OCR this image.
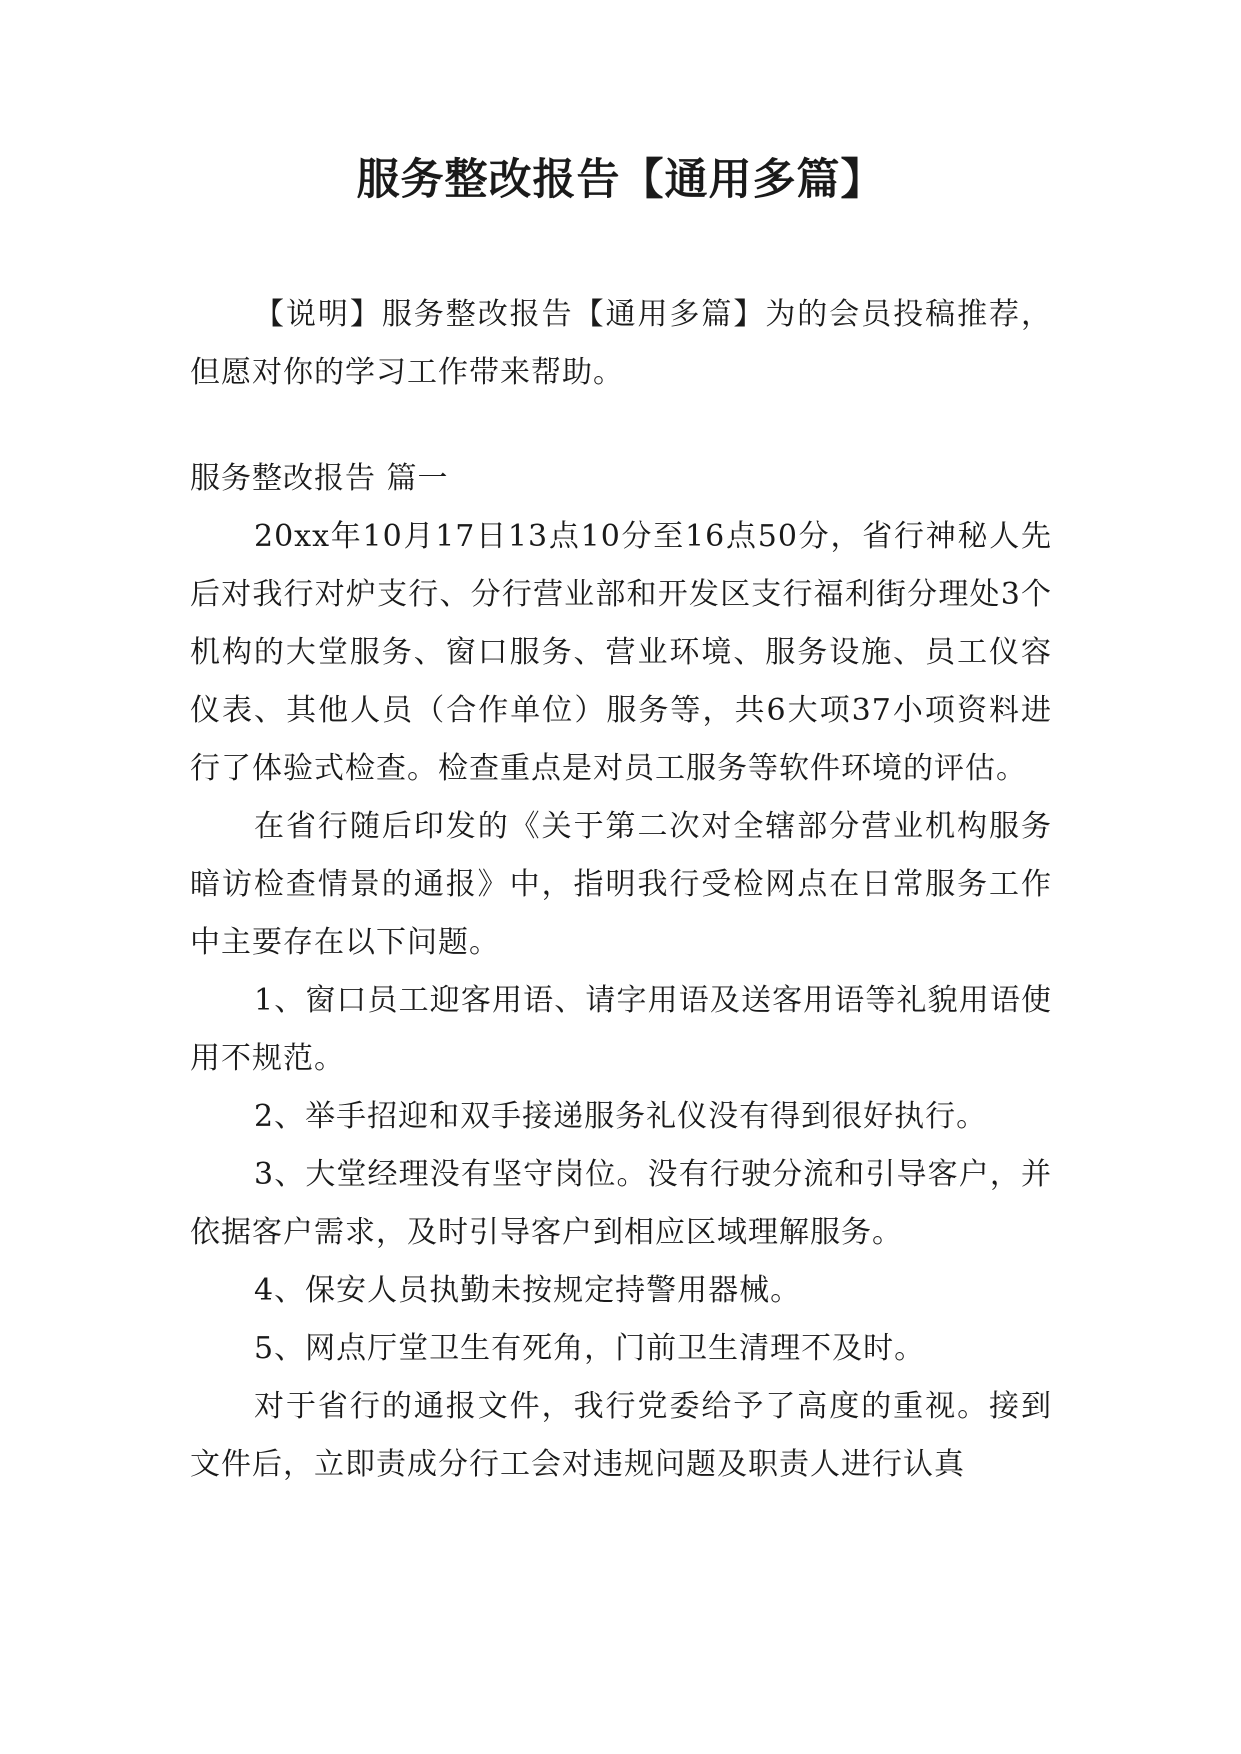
服务整改报告【通用多篇】

【说明】服务整改报告【通用多篇】为的会员投稿推荐，但愿对你的学习工作带来帮助。

服务整改报告 篇一

20xx年10月17日13点10分至16点50分，省行神秘人先后对我行对炉支行、分行营业部和开发区支行福利街分理处3个机构的大堂服务、窗口服务、营业环境、服务设施、员工仪容仪表、其他人员（合作单位）服务等，共6大项37小项资料进行了体验式检查。检查重点是对员工服务等软件环境的评估。

在省行随后印发的《关于第二次对全辖部分营业机构服务暗访检查情景的通报》中，指明我行受检网点在日常服务工作中主要存在以下问题。

1、窗口员工迎客用语、请字用语及送客用语等礼貌用语使用不规范。

2、举手招迎和双手接递服务礼仪没有得到很好执行。

3、大堂经理没有坚守岗位。没有行驶分流和引导客户，并依据客户需求，及时引导客户到相应区域理解服务。

4、保安人员执勤未按规定持警用器械。

5、网点厅堂卫生有死角，门前卫生清理不及时。

对于省行的通报文件，我行党委给予了高度的重视。接到文件后，立即责成分行工会对违规问题及职责人进行认真
